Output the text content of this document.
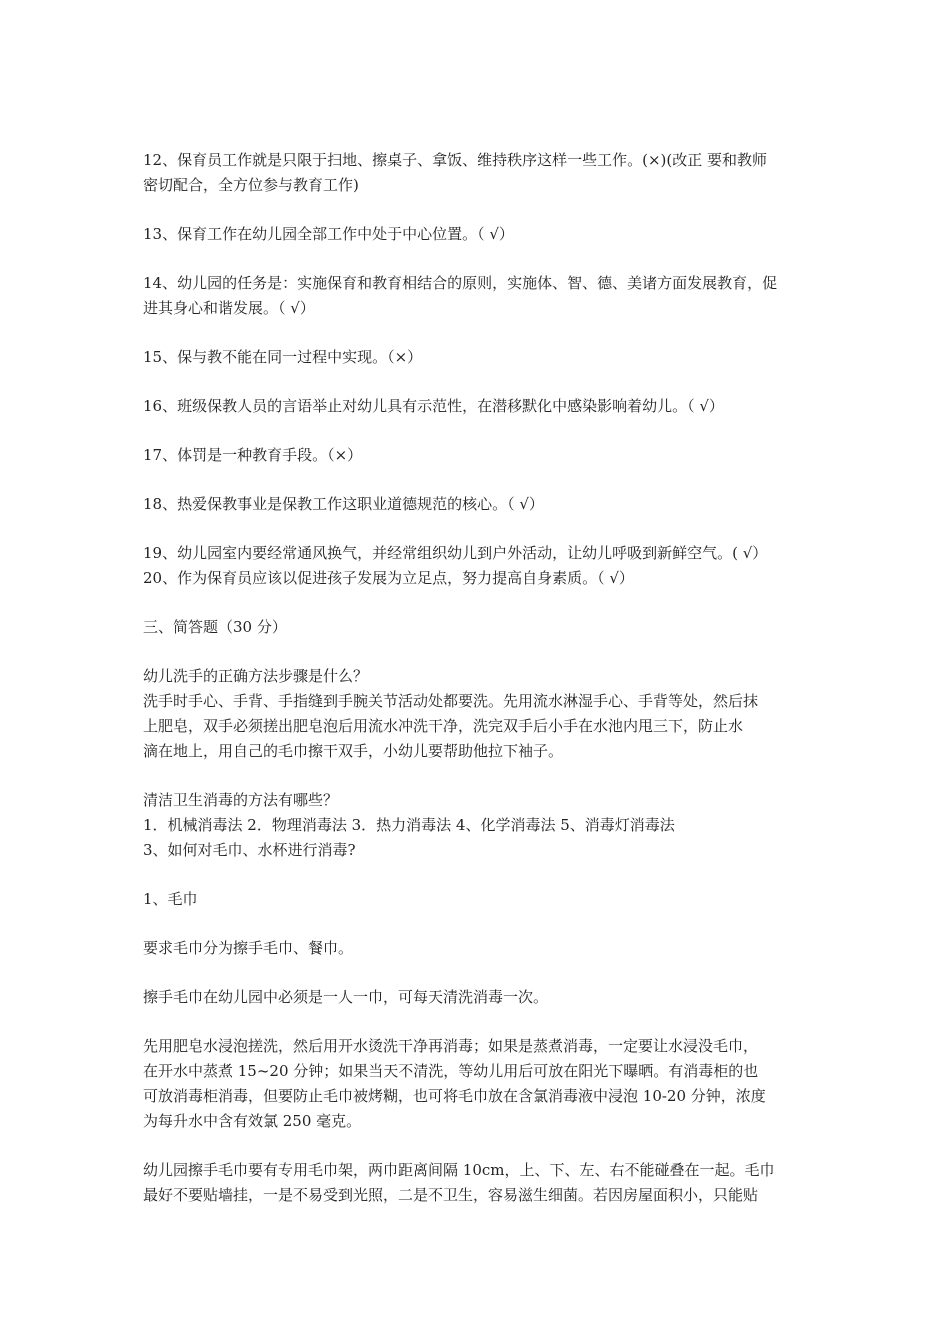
12、保育员工作就是只限于扫地、擦桌子、拿饭、维持秩序这样一些工作。(×)(改正 要和教师
密切配合，全方位参与教育工作)
13、保育工作在幼儿园全部工作中处于中心位置。（ √）
14、幼儿园的任务是：实施保育和教育相结合的原则，实施体、智、德、美诸方面发展教育，促
进其身心和谐发展。（ √）
15、保与教不能在同一过程中实现。（×）
16、班级保教人员的言语举止对幼儿具有示范性，在潜移默化中感染影响着幼儿。（ √）
17、体罚是一种教育手段。（×）
18、热爱保教事业是保教工作这职业道德规范的核心。（ √）
19、幼儿园室内要经常通风换气，并经常组织幼儿到户外活动，让幼儿呼吸到新鲜空气。( √）
20、作为保育员应该以促进孩子发展为立足点，努力提高自身素质。（ √）
三、简答题（30 分）
幼儿洗手的正确方法步骤是什么？
洗手时手心、手背、手指缝到手腕关节活动处都要洗。先用流水淋湿手心、手背等处，然后抹
上肥皂，双手必须搓出肥皂泡后用流水冲洗干净，洗完双手后小手在水池内甩三下，防止水
滴在地上，用自己的毛巾擦干双手，小幼儿要帮助他拉下袖子。
清洁卫生消毒的方法有哪些？
1．机械消毒法 2．物理消毒法 3．热力消毒法 4、化学消毒法 5、消毒灯消毒法
3、如何对毛巾、水杯进行消毒?
1、毛巾
要求毛巾分为擦手毛巾、餐巾。
擦手毛巾在幼儿园中必须是一人一巾，可每天清洗消毒一次。
先用肥皂水浸泡搓洗，然后用开水烫洗干净再消毒；如果是蒸煮消毒，一定要让水浸没毛巾，
在开水中蒸煮 15~20 分钟；如果当天不清洗，等幼儿用后可放在阳光下曝晒。有消毒柜的也
可放消毒柜消毒，但要防止毛巾被烤糊，也可将毛巾放在含氯消毒液中浸泡 10-20 分钟，浓度
为每升水中含有效氯 250 毫克。
幼儿园擦手毛巾要有专用毛巾架，两巾距离间隔 10cm，上、下、左、右不能碰叠在一起。毛巾
最好不要贴墙挂，一是不易受到光照，二是不卫生，容易滋生细菌。若因房屋面积小，只能贴
